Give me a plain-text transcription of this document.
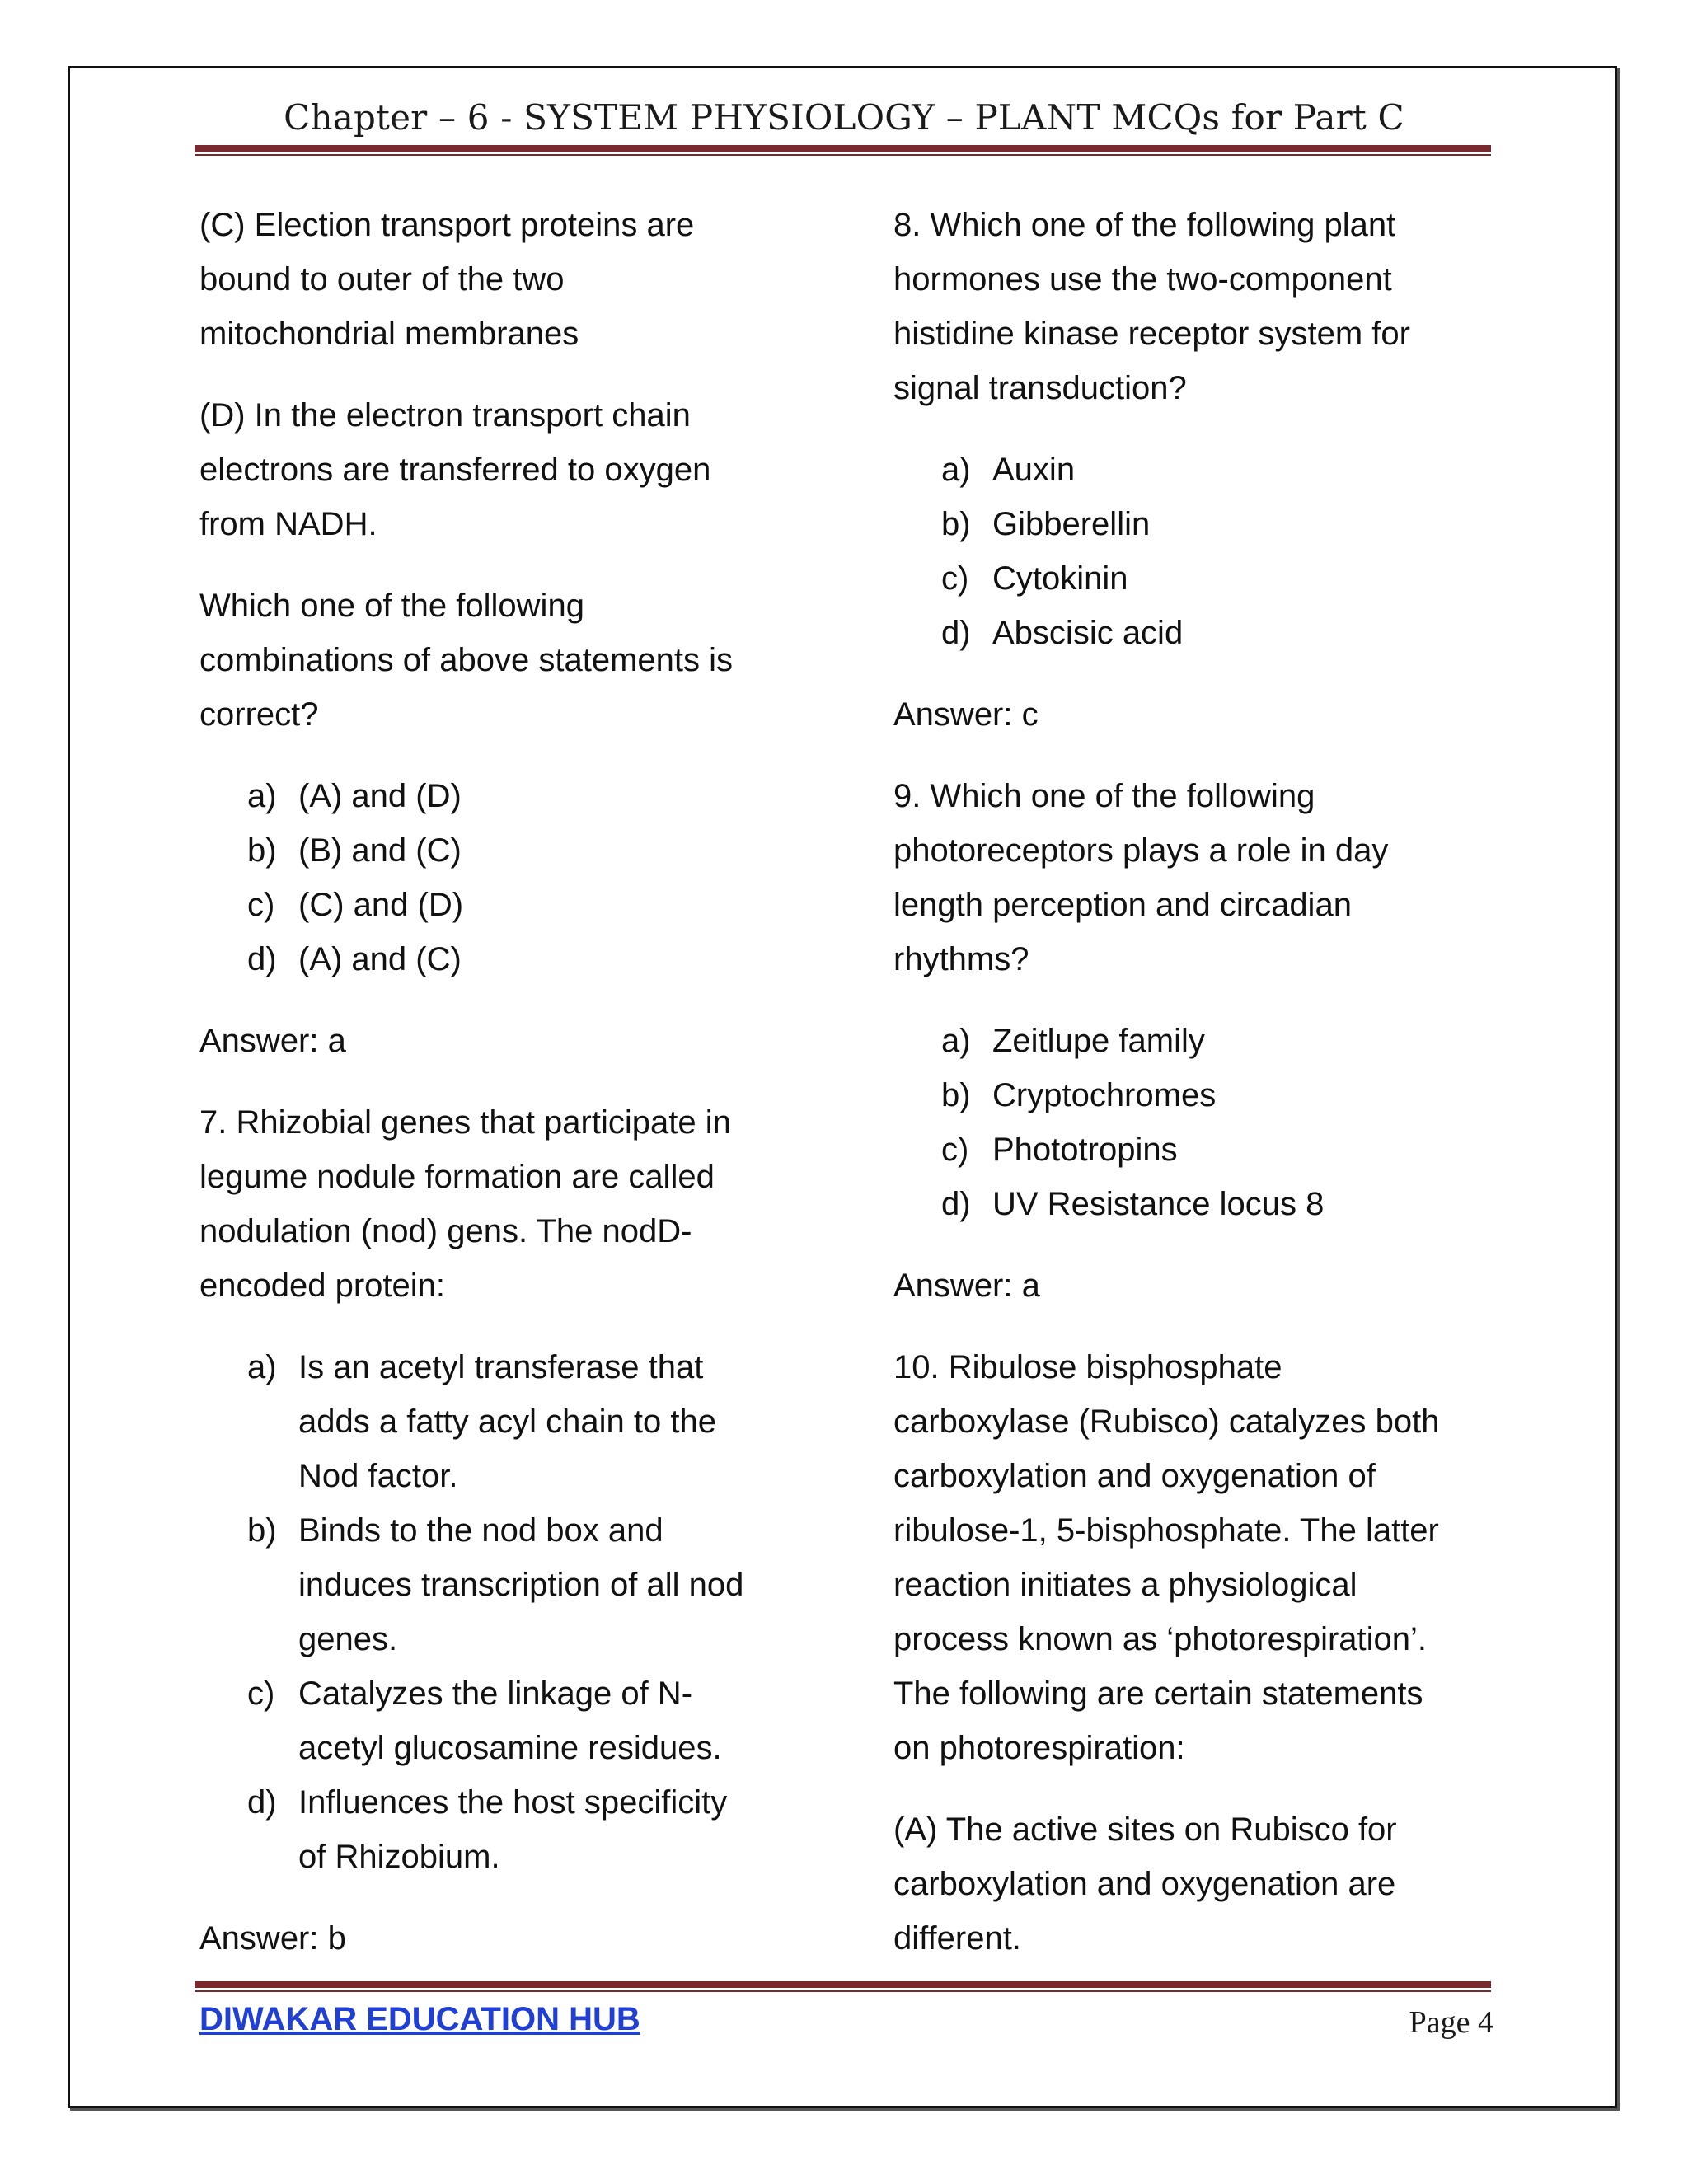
Chapter – 6 - SYSTEM PHYSIOLOGY – PLANT MCQs for Part C

(C) Election transport proteins are
bound to outer of the two
mitochondrial membranes

(D) In the electron transport chain
electrons are transferred to oxygen
from NADH.

Which one of the following
combinations of above statements is
correct?

a) (A) and (D)
b) (B) and (C)
c) (C) and (D)
d) (A) and (C)

Answer: a

7. Rhizobial genes that participate in
legume nodule formation are called
nodulation (nod) gens. The nodD-
encoded protein:

a) Is an acetyl transferase that
adds a fatty acyl chain to the
Nod factor.
b) Binds to the nod box and
induces transcription of all nod
genes.
c) Catalyzes the linkage of N-
acetyl glucosamine residues.
d) Influences the host specificity
of Rhizobium.

Answer: b

8. Which one of the following plant
hormones use the two-component
histidine kinase receptor system for
signal transduction?

a) Auxin
b) Gibberellin
c) Cytokinin
d) Abscisic acid

Answer: c

9. Which one of the following
photoreceptors plays a role in day
length perception and circadian
rhythms?

a) Zeitlupe family
b) Cryptochromes
c) Phototropins
d) UV Resistance locus 8

Answer: a

10. Ribulose bisphosphate
carboxylase (Rubisco) catalyzes both
carboxylation and oxygenation of
ribulose-1, 5-bisphosphate. The latter
reaction initiates a physiological
process known as ‘photorespiration’.
The following are certain statements
on photorespiration:

(A) The active sites on Rubisco for
carboxylation and oxygenation are
different.

DIWAKAR EDUCATION HUB	Page 4
